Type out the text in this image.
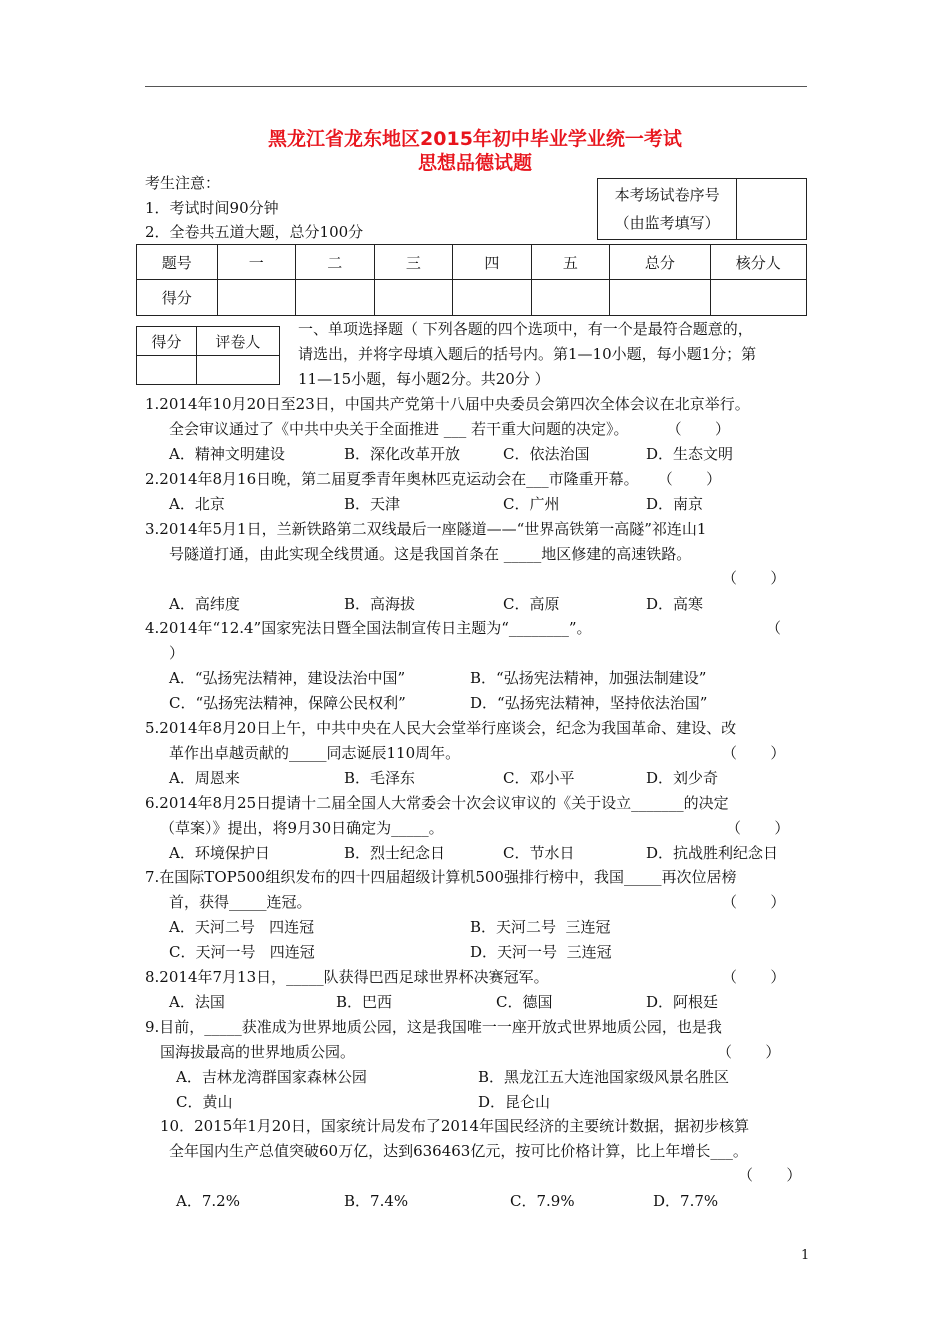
黑龙江省龙东地区2015年初中毕业学业统一考试
思想品德试题
考生注意：
1．考试时间90分钟
2．全卷共五道大题，总分100分
本考场试卷序号
（由监考填写）

题号	一	二	三	四	五	总分	核分人
得分							
得分	评卷人

一、单项选择题（ 下列各题的四个选项中，有一个是最符合题意的，
请选出，并将字母填入题后的括号内。第1—10小题，每小题1分；第
11—15小题，每小题2分。共20分 ）
1.2014年10月20日至23日，中国共产党第十八届中央委员会第四次全体会议在北京举行。
全会审议通过了《中共中央关于全面推进 ___ 若干重大问题的决定》。        （       ）
A．精神文明建设	B．深化改革开放	C．依法治国	D．生态文明
2.2014年8月16日晚，第二届夏季青年奥林匹克运动会在___市隆重开幕。    （       ）
A．北京	B．天津	C．广州	D．南京
3.2014年5月1日，兰新铁路第二双线最后一座隧道——“世界高铁第一高隧”祁连山1
号隧道打通，由此实现全线贯通。这是我国首条在 _____地区修建的高速铁路。
（       ）
A．高纬度	B．高海拔	C．高原	D．高寒
4.2014年“12.4”国家宪法日暨全国法制宣传日主题为“________”。	（
）
A．“弘扬宪法精神，建设法治中国”	B．“弘扬宪法精神，加强法制建设”
C．“弘扬宪法精神，保障公民权利”	D．“弘扬宪法精神，坚持依法治国”
5.2014年8月20日上午，中共中央在人民大会堂举行座谈会，纪念为我国革命、建设、改
革作出卓越贡献的_____同志诞辰110周年。	（       ）
A．周恩来	B．毛泽东	C．邓小平	D．刘少奇
6.2014年8月25日提请十二届全国人大常委会十次会议审议的《关于设立_______的决定
（草案）》提出，将9月30日确定为_____。	（       ）
A．环境保护日	B．烈士纪念日	C．节水日	D．抗战胜利纪念日
7.在国际TOP500组织发布的四十四届超级计算机500强排行榜中，我国_____再次位居榜
首，获得_____连冠。	（       ）
A．天河二号   四连冠	B．天河二号  三连冠
C．天河一号   四连冠	D．天河一号  三连冠
8.2014年7月13日，_____队获得巴西足球世界杯决赛冠军。	（       ）
A．法国	B．巴西	C．德国	D．阿根廷
9.目前，_____获准成为世界地质公园，这是我国唯一一座开放式世界地质公园，也是我
国海拔最高的世界地质公园。	（       ）
A．吉林龙湾群国家森林公园	B．黑龙江五大连池国家级风景名胜区
C．黄山	D．昆仑山
10．2015年1月20日，国家统计局发布了2014年国民经济的主要统计数据，据初步核算
全年国内生产总值突破60万亿，达到636463亿元，按可比价格计算，比上年增长___。
（       ）
A．7.2%	B．7.4%	C．7.9%	D．7.7%
1
